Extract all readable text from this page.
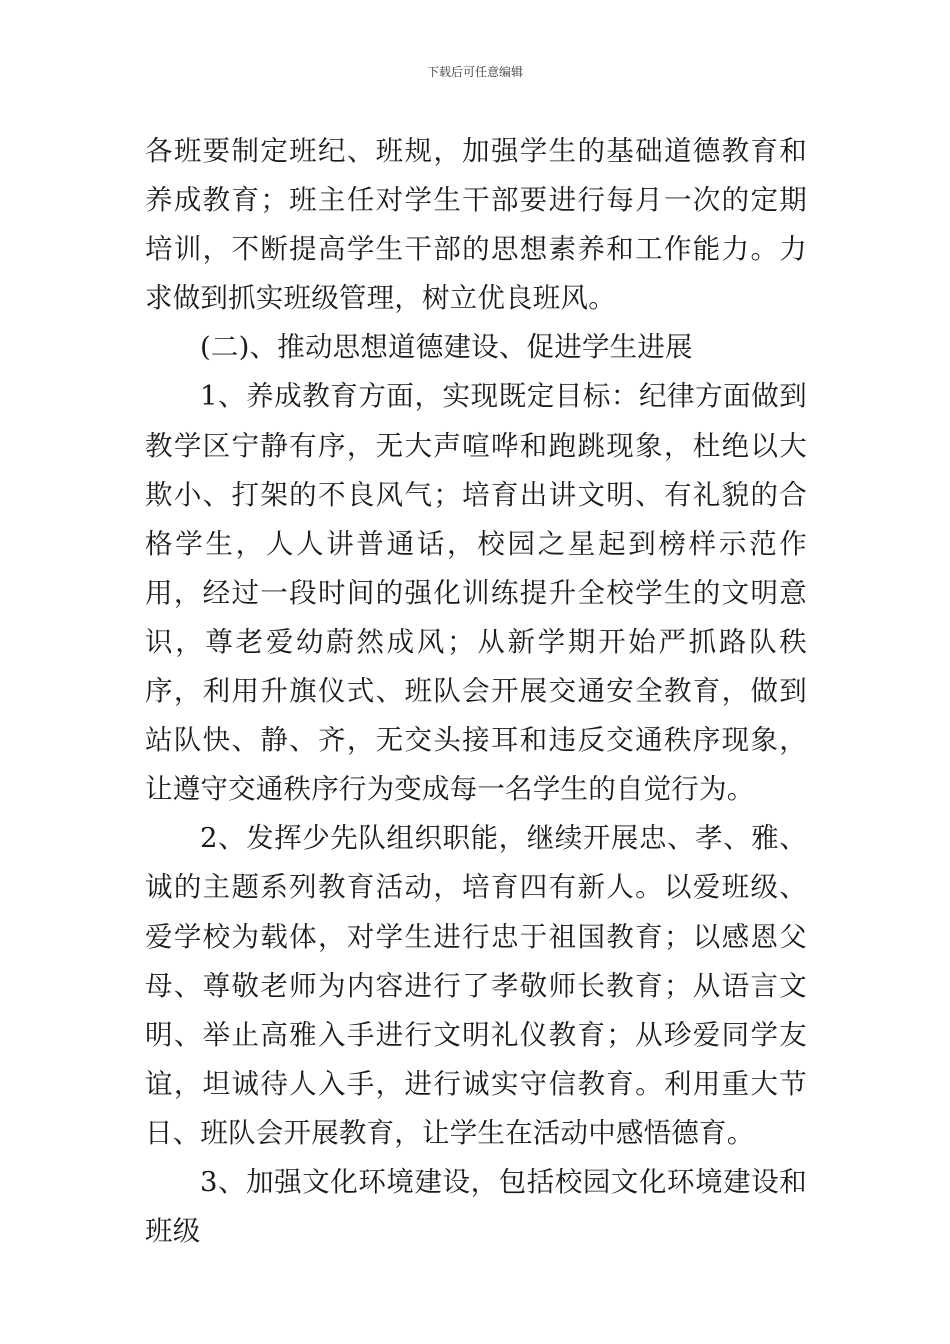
下载后可任意编辑

各班要制定班纪、班规，加强学生的基础道德教育和养成教育；班主任对学生干部要进行每月一次的定期培训，不断提高学生干部的思想素养和工作能力。力求做到抓实班级管理，树立优良班风。

(二)、推动思想道德建设、促进学生进展

1、养成教育方面，实现既定目标：纪律方面做到教学区宁静有序，无大声喧哗和跑跳现象，杜绝以大欺小、打架的不良风气；培育出讲文明、有礼貌的合格学生，人人讲普通话，校园之星起到榜样示范作用，经过一段时间的强化训练提升全校学生的文明意识，尊老爱幼蔚然成风；从新学期开始严抓路队秩序，利用升旗仪式、班队会开展交通安全教育，做到站队快、静、齐，无交头接耳和违反交通秩序现象，让遵守交通秩序行为变成每一名学生的自觉行为。

2、发挥少先队组织职能，继续开展忠、孝、雅、诚的主题系列教育活动，培育四有新人。以爱班级、爱学校为载体，对学生进行忠于祖国教育；以感恩父母、尊敬老师为内容进行了孝敬师长教育；从语言文明、举止高雅入手进行文明礼仪教育；从珍爱同学友谊，坦诚待人入手，进行诚实守信教育。利用重大节日、班队会开展教育，让学生在活动中感悟德育。

3、加强文化环境建设，包括校园文化环境建设和班级
